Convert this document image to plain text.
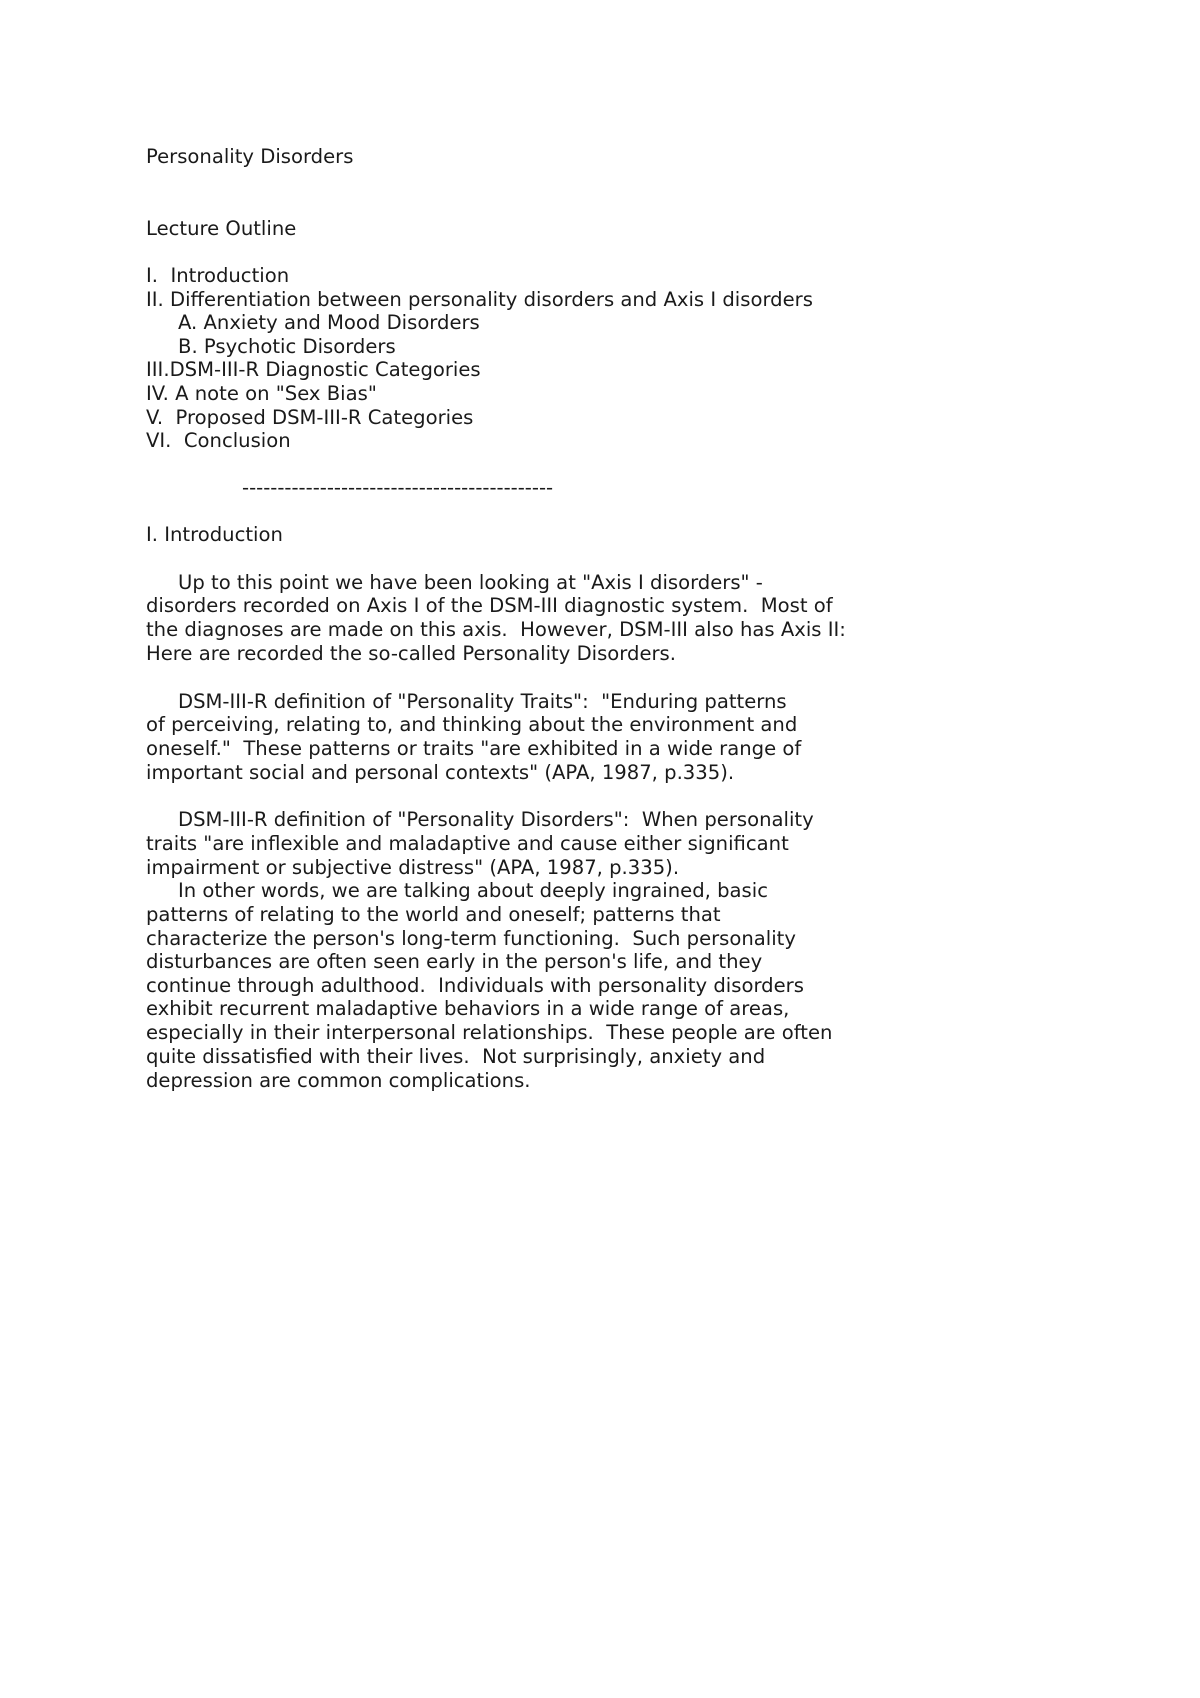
Personality Disorders
Lecture Outline
I.  Introduction
II. Differentiation between personality disorders and Axis I disorders
A. Anxiety and Mood Disorders
B. Psychotic Disorders
III.DSM-III-R Diagnostic Categories
IV. A note on "Sex Bias"
V.  Proposed DSM-III-R Categories
VI.  Conclusion
--------------------------------------------
I. Introduction
Up to this point we have been looking at "Axis I disorders" -
disorders recorded on Axis I of the DSM-III diagnostic system.  Most of
the diagnoses are made on this axis.  However, DSM-III also has Axis II:
Here are recorded the so-called Personality Disorders.
DSM-III-R definition of "Personality Traits":  "Enduring patterns
of perceiving, relating to, and thinking about the environment and
oneself."  These patterns or traits "are exhibited in a wide range of
important social and personal contexts" (APA, 1987, p.335).
DSM-III-R definition of "Personality Disorders":  When personality
traits "are inflexible and maladaptive and cause either significant
impairment or subjective distress" (APA, 1987, p.335).
In other words, we are talking about deeply ingrained, basic
patterns of relating to the world and oneself; patterns that
characterize the person's long-term functioning.  Such personality
disturbances are often seen early in the person's life, and they
continue through adulthood.  Individuals with personality disorders
exhibit recurrent maladaptive behaviors in a wide range of areas,
especially in their interpersonal relationships.  These people are often
quite dissatisfied with their lives.  Not surprisingly, anxiety and
depression are common complications.
